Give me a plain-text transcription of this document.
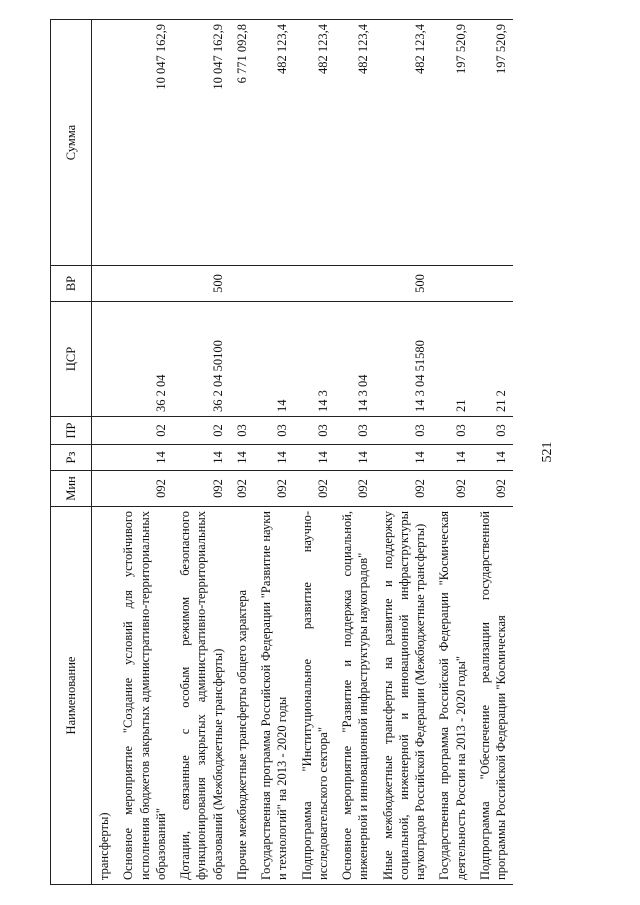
521
Наименование	Мин	Рз	ПР	ЦСР	ВР	Сумма
трансферты)						
Основное мероприятие "Создание условий для устойчивого исполнения бюджетов закрытых административно-территориальных образований"	092	14	02	36 2 04		10 047 162,9
Дотации, связанные с особым режимом безопасного функционирования закрытых административно-территориальных образований (Межбюджетные трансферты)	092	14	02	36 2 04 50100	500	10 047 162,9
Прочие межбюджетные трансферты общего характера	092	14	03			6 771 092,8
Государственная программа Российской Федерации "Развитие науки и технологий" на 2013 - 2020 годы	092	14	03	14		482 123,4
Подпрограмма "Институциональное развитие научно-исследовательского сектора"	092	14	03	14 3		482 123,4
Основное мероприятие "Развитие и поддержка социальной, инженерной и инновационной инфраструктуры наукоградов"	092	14	03	14 3 04		482 123,4
Иные межбюджетные трансферты на развитие и поддержку социальной, инженерной и инновационной инфраструктуры наукоградов Российской Федерации (Межбюджетные трансферты)	092	14	03	14 3 04 51580	500	482 123,4
Государственная программа Российской Федерации "Космическая деятельность России на 2013 - 2020 годы"	092	14	03	21		197 520,9
Подпрограмма "Обеспечение реализации государственной программы Российской Федерации "Космическая	092	14	03	21 2		197 520,9
